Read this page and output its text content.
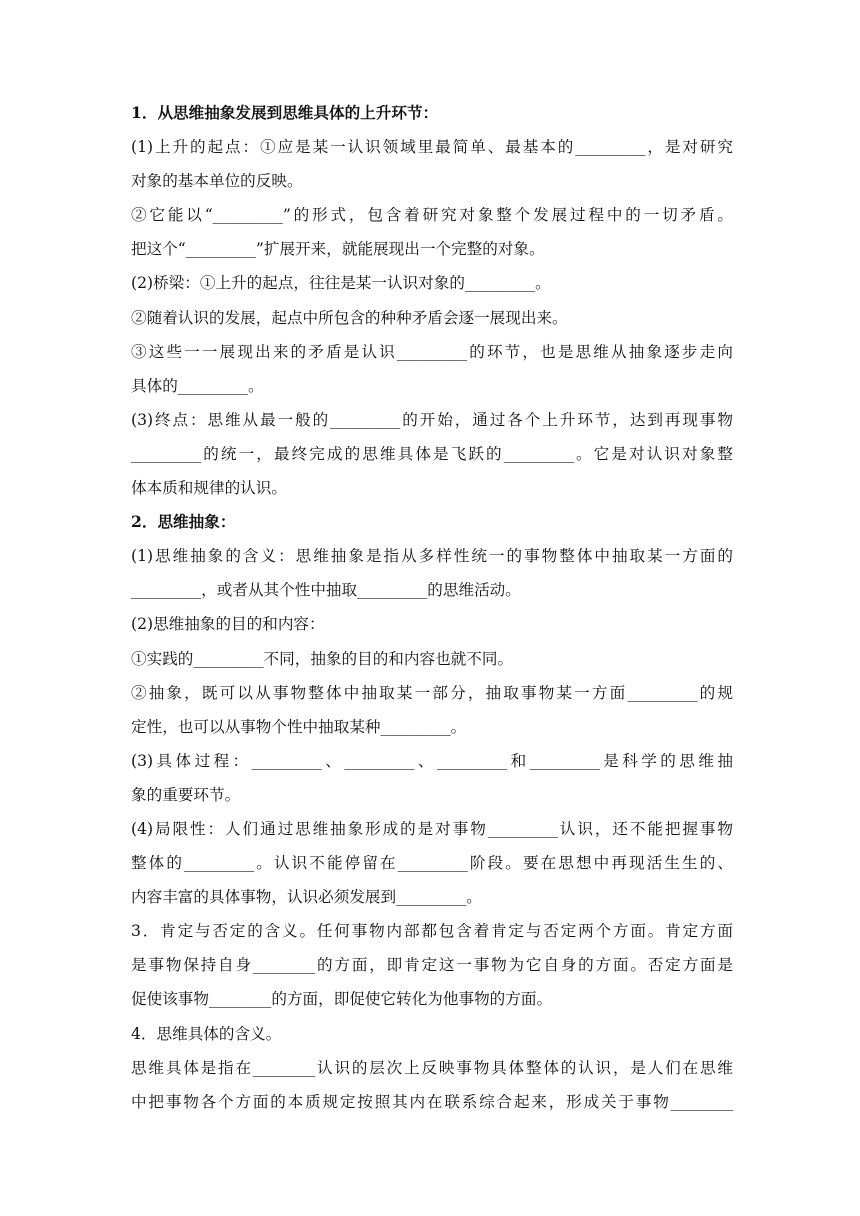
1．从思维抽象发展到思维具体的上升环节：
(1)上升的起点：①应是某一认识领域里最简单、最基本的_________，是对研究
对象的基本单位的反映。
②它能以“_________”的形式，包含着研究对象整个发展过程中的一切矛盾。
把这个“_________”扩展开来，就能展现出一个完整的对象。
(2)桥梁：①上升的起点，往往是某一认识对象的_________。
②随着认识的发展，起点中所包含的种种矛盾会逐一展现出来。
③这些一一展现出来的矛盾是认识_________的环节，也是思维从抽象逐步走向
具体的_________。
(3)终点：思维从最一般的_________的开始，通过各个上升环节，达到再现事物
_________的统一，最终完成的思维具体是飞跃的_________。它是对认识对象整
体本质和规律的认识。
2．思维抽象：
(1)思维抽象的含义：思维抽象是指从多样性统一的事物整体中抽取某一方面的
_________，或者从其个性中抽取_________的思维活动。
(2)思维抽象的目的和内容：
①实践的_________不同，抽象的目的和内容也就不同。
②抽象，既可以从事物整体中抽取某一部分，抽取事物某一方面_________的规
定性，也可以从事物个性中抽取某种_________。
(3)具体过程：_________、_________、_________和_________是科学的思维抽
象的重要环节。
(4)局限性：人们通过思维抽象形成的是对事物_________认识，还不能把握事物
整体的_________。认识不能停留在_________阶段。要在思想中再现活生生的、
内容丰富的具体事物，认识必须发展到_________。
3．肯定与否定的含义。任何事物内部都包含着肯定与否定两个方面。肯定方面
是事物保持自身________的方面，即肯定这一事物为它自身的方面。否定方面是
促使该事物________的方面，即促使它转化为他事物的方面。
4．思维具体的含义。
思维具体是指在________认识的层次上反映事物具体整体的认识，是人们在思维
中把事物各个方面的本质规定按照其内在联系综合起来，形成关于事物________
